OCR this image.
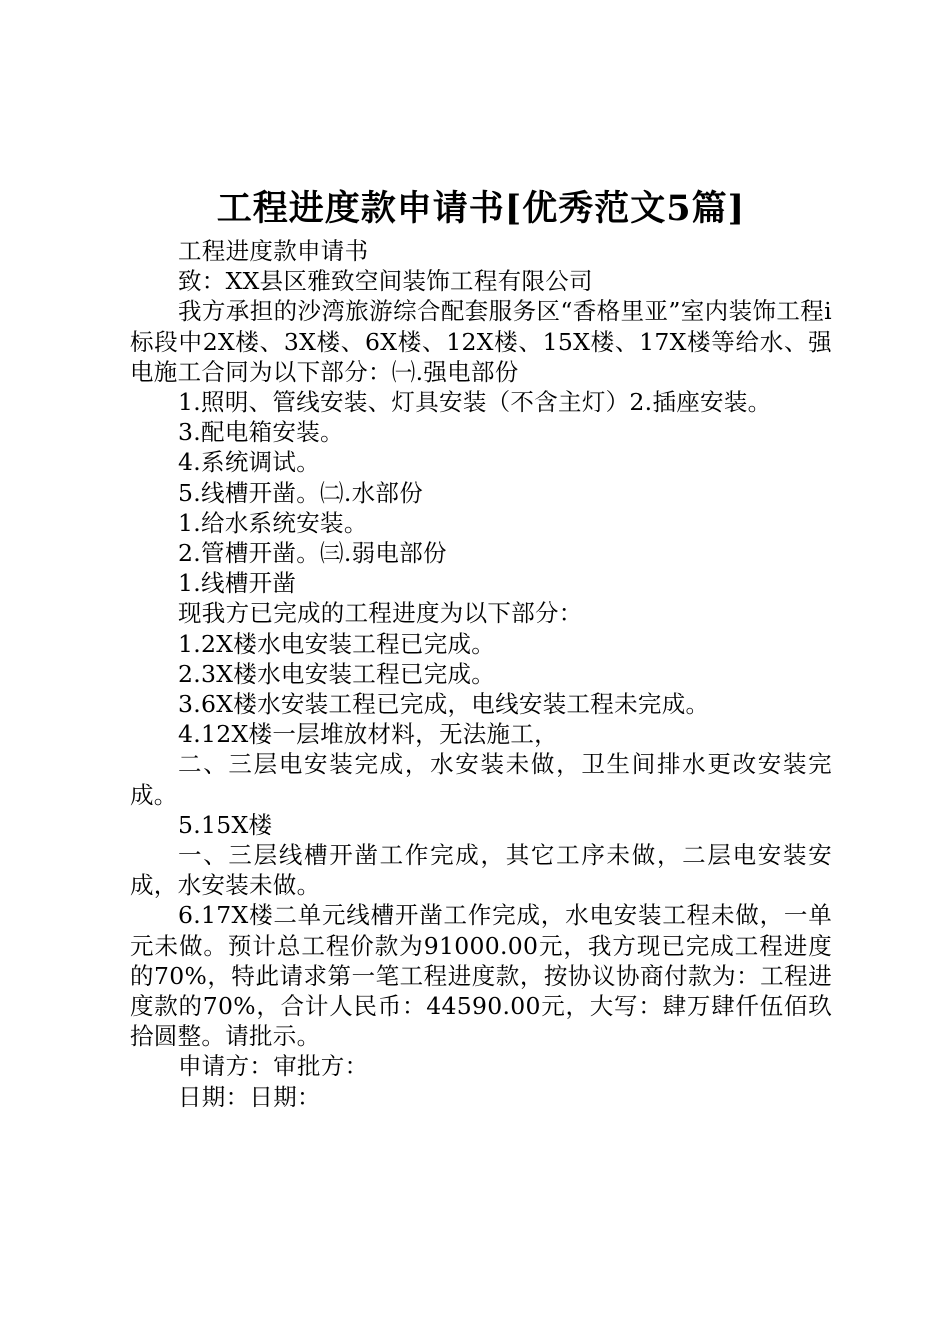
工程进度款申请书[优秀范文5篇]

工程进度款申请书

致：XX县区雅致空间装饰工程有限公司

我方承担的沙湾旅游综合配套服务区“香格里亚”室内装饰工程ⅰ标段中2X楼、3X楼、6X楼、12X楼、15X楼、17X楼等给水、强电施工合同为以下部分：㈠.强电部份

1.照明、管线安装、灯具安装（不含主灯）2.插座安装。

3.配电箱安装。

4.系统调试。

5.线槽开凿。㈡.水部份

1.给水系统安装。

2.管槽开凿。㈢.弱电部份

1.线槽开凿

现我方已完成的工程进度为以下部分：

1.2X楼水电安装工程已完成。

2.3X楼水电安装工程已完成。

3.6X楼水安装工程已完成，电线安装工程未完成。

4.12X楼一层堆放材料，无法施工，

二、三层电安装完成，水安装未做，卫生间排水更改安装完成。

5.15X楼

一、三层线槽开凿工作完成，其它工序未做，二层电安装安成，水安装未做。

6.17X楼二单元线槽开凿工作完成，水电安装工程未做，一单元未做。预计总工程价款为91000.00元，我方现已完成工程进度的70%，特此请求第一笔工程进度款，按协议协商付款为：工程进度款的70%，合计人民币：44590.00元，大写：肆万肆仟伍佰玖拾圆整。请批示。

申请方：审批方：

日期：日期：
